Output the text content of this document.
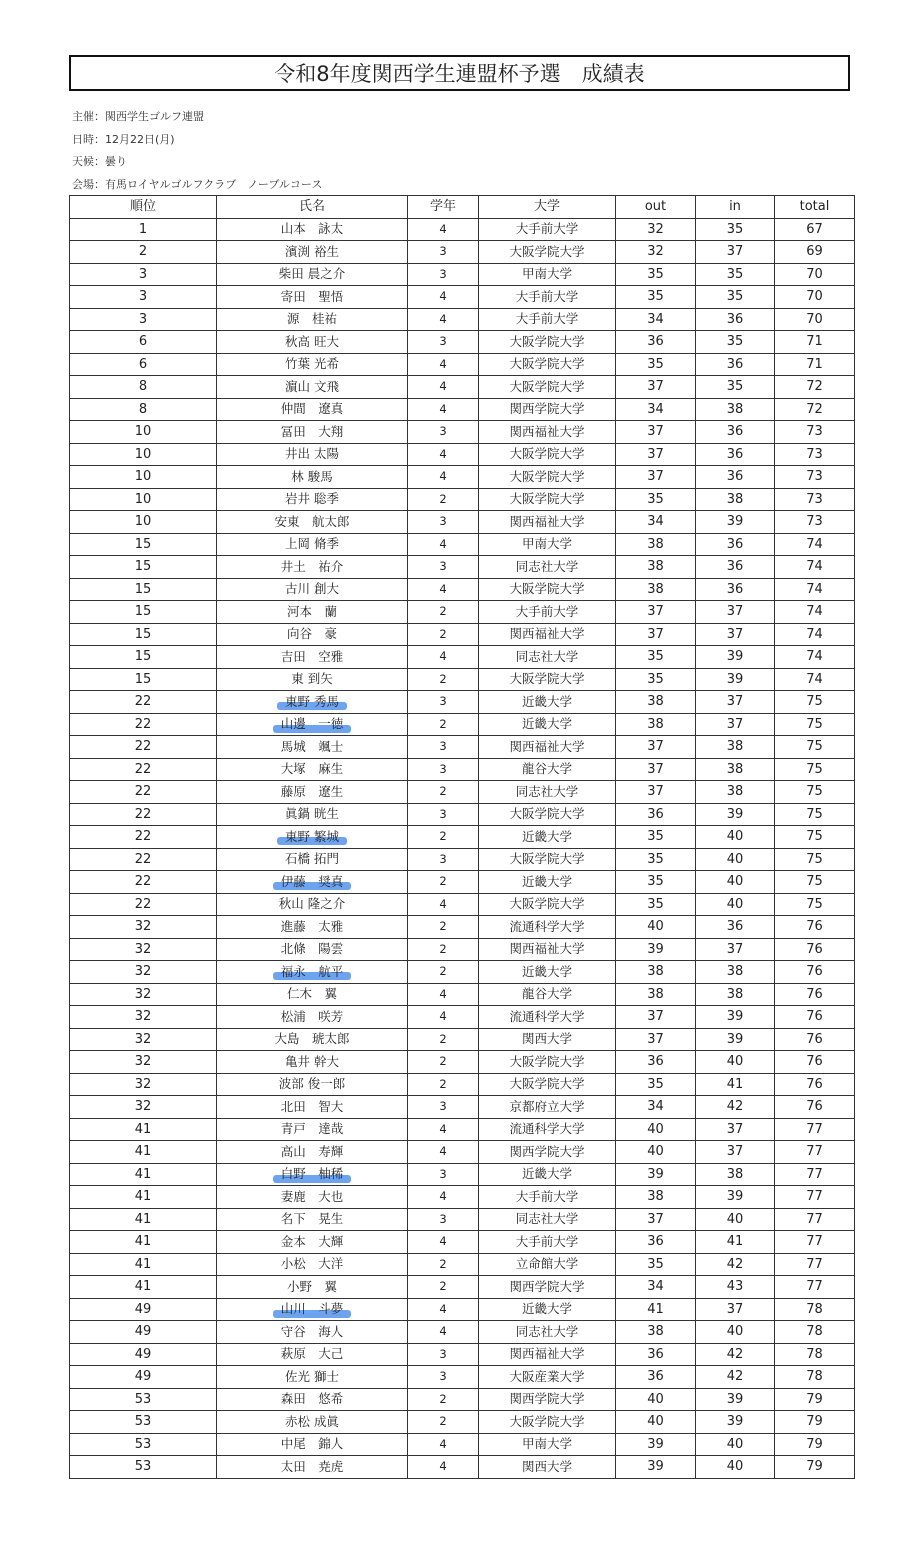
令和8年度関西学生連盟杯予選　成績表
主催：関西学生ゴルフ連盟
日時：12月22日(月)
天候：曇り
会場：有馬ロイヤルゴルフクラブ　ノーブルコース
順位	氏名	学年	大学	out	in	total
1	山本　詠太	4	大手前大学	32	35	67
2	濱渕 裕生	3	大阪学院大学	32	37	69
3	柴田 晨之介	3	甲南大学	35	35	70
3	寄田　聖悟	4	大手前大学	35	35	70
3	源　桂祐	4	大手前大学	34	36	70
6	秋高 旺大	3	大阪学院大学	36	35	71
6	竹葉 光希	4	大阪学院大学	35	36	71
8	濵山 文飛	4	大阪学院大学	37	35	72
8	仲間　遼真	4	関西学院大学	34	38	72
10	冨田　大翔	3	関西福祉大学	37	36	73
10	井出 太陽	4	大阪学院大学	37	36	73
10	林 駿馬	4	大阪学院大学	37	36	73
10	岩井 聡季	2	大阪学院大学	35	38	73
10	安東　航太郎	3	関西福祉大学	34	39	73
15	上岡 脩季	4	甲南大学	38	36	74
15	井土　祐介	3	同志社大学	38	36	74
15	古川 創大	4	大阪学院大学	38	36	74
15	河本　蘭	2	大手前大学	37	37	74
15	向谷　豪	2	関西福祉大学	37	37	74
15	吉田　空雅	4	同志社大学	35	39	74
15	東 到矢	2	大阪学院大学	35	39	74
22	東野 秀馬	3	近畿大学	38	37	75
22	山邊　一徳	2	近畿大学	38	37	75
22	馬城　颯士	3	関西福祉大学	37	38	75
22	大塚　麻生	3	龍谷大学	37	38	75
22	藤原　遼生	2	同志社大学	37	38	75
22	眞鍋 晄生	3	大阪学院大学	36	39	75
22	東野 繁城	2	近畿大学	35	40	75
22	石橋 拓門	3	大阪学院大学	35	40	75
22	伊藤　奨真	2	近畿大学	35	40	75
22	秋山 隆之介	4	大阪学院大学	35	40	75
32	進藤　太雅	2	流通科学大学	40	36	76
32	北條　陽雲	2	関西福祉大学	39	37	76
32	福永　航平	2	近畿大学	38	38	76
32	仁木　翼	4	龍谷大学	38	38	76
32	松浦　咲芳	4	流通科学大学	37	39	76
32	大島　琥太郎	2	関西大学	37	39	76
32	亀井 幹大	2	大阪学院大学	36	40	76
32	波部 俊一郎	2	大阪学院大学	35	41	76
32	北田　智大	3	京都府立大学	34	42	76
41	青戸　達哉	4	流通科学大学	40	37	77
41	高山　寿輝	4	関西学院大学	40	37	77
41	白野　柚稀	3	近畿大学	39	38	77
41	妻鹿　大也	4	大手前大学	38	39	77
41	名下　晃生	3	同志社大学	37	40	77
41	金本　大輝	4	大手前大学	36	41	77
41	小松　大洋	2	立命館大学	35	42	77
41	小野　翼	2	関西学院大学	34	43	77
49	山川　斗夢	4	近畿大学	41	37	78
49	守谷　海人	4	同志社大学	38	40	78
49	萩原　大己	3	関西福祉大学	36	42	78
49	佐光 獅士	3	大阪産業大学	36	42	78
53	森田　悠希	2	関西学院大学	40	39	79
53	赤松 成眞	2	大阪学院大学	40	39	79
53	中尾　錦人	4	甲南大学	39	40	79
53	太田　尭虎	4	関西大学	39	40	79
